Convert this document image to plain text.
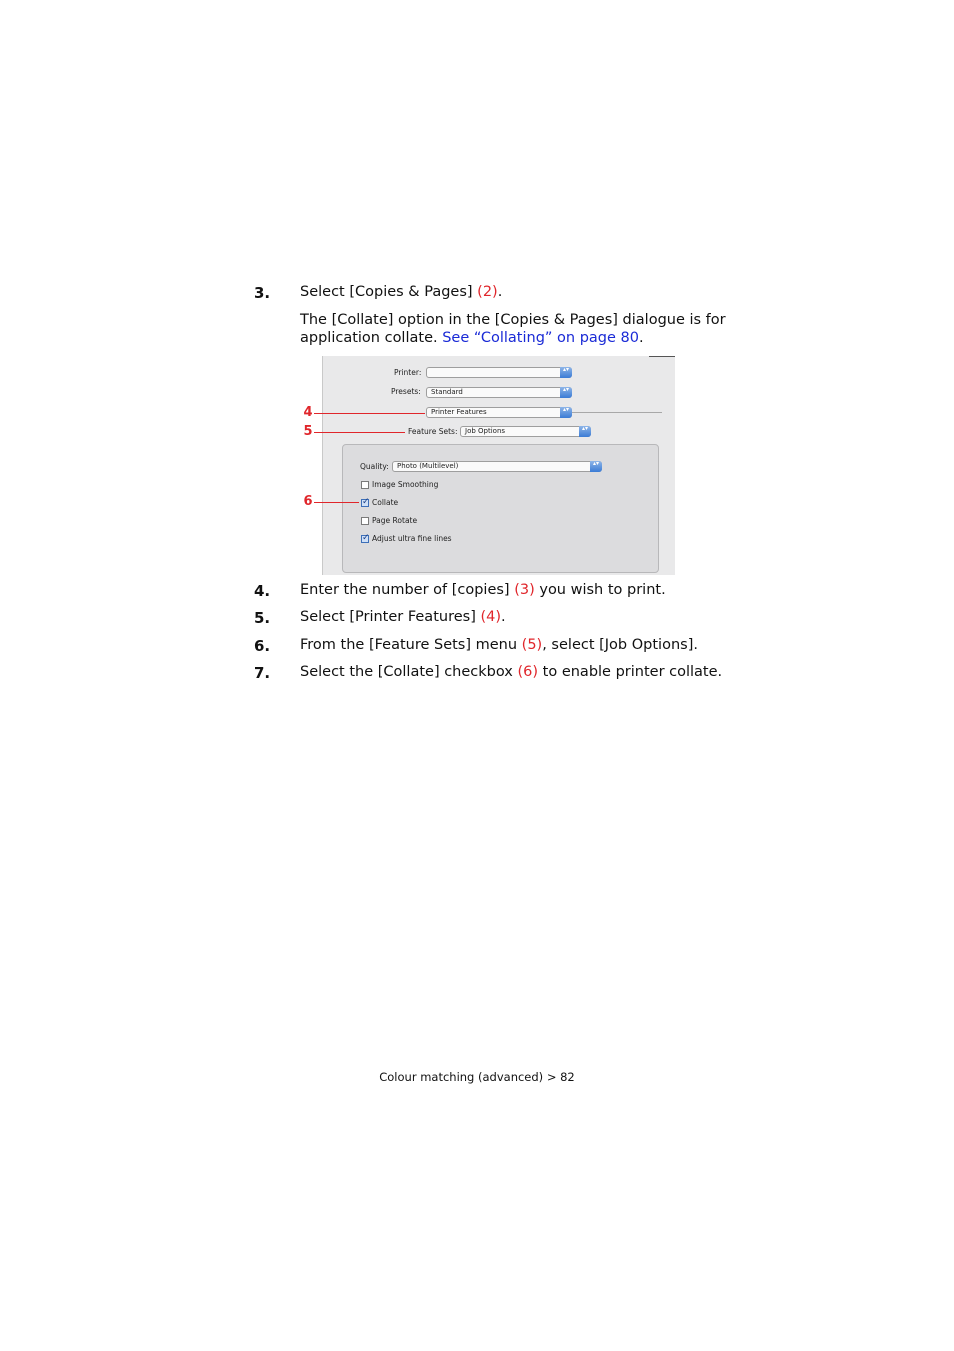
3. Select [Copies & Pages] (2).
The [Collate] option in the [Copies & Pages] dialogue is for
application collate. See “Collating” on page 80.
Printer:	▴▾
Presets:	Standard	▴▾
Printer Features	▴▾
Feature Sets:	Job Options	▴▾
Quality:	Photo (Multilevel)	▴▾
Image Smoothing
✓ Collate
Page Rotate
✓ Adjust ultra fine lines
4
5
6
4. Enter the number of [copies] (3) you wish to print.
5. Select [Printer Features] (4).
6. From the [Feature Sets] menu (5), select [Job Options].
7. Select the [Collate] checkbox (6) to enable printer collate.
Colour matching (advanced) > 82
